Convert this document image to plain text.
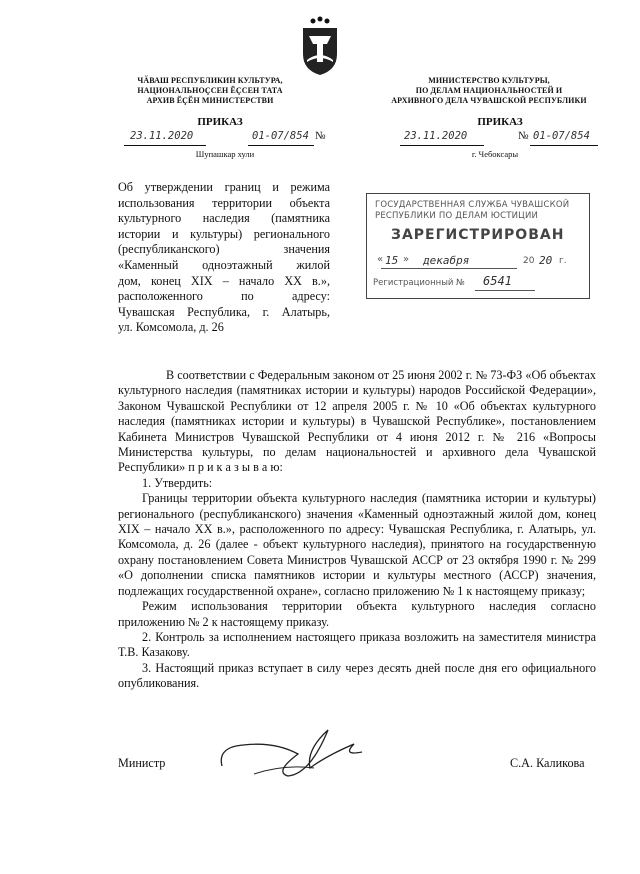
ЧӐВАШ РЕСПУБЛИКИН КУЛЬТУРА,
НАЦИОНАЛЬНОҪСЕН ӖҪСЕН ТАТА
АРХИВ ӖҪӖН МИНИСТЕРСТВИ
МИНИСТЕРСТВО КУЛЬТУРЫ,
ПО ДЕЛАМ НАЦИОНАЛЬНОСТЕЙ И
АРХИВНОГО ДЕЛА ЧУВАШСКОЙ РЕСПУБЛИКИ
ПРИКАЗ
23.11.2020	01-07/854 №
Шупашкар хули
ПРИКАЗ
23.11.2020	№ 01-07/854
г. Чебоксары
Об утверждении границ и режима
использования территории объекта
культурного наследия (памятника
истории и культуры) регионального
(республиканского) значения
«Каменный одноэтажный жилой
дом, конец XIX – начало XX в.»,
расположенного по адресу:
Чувашская Республика, г. Алатырь,
ул. Комсомола, д. 26
ГОСУДАРСТВЕННАЯ СЛУЖБА ЧУВАШСКОЙ
РЕСПУБЛИКИ ПО ДЕЛАМ ЮСТИЦИИ
ЗАРЕГИСТРИРОВАН
« 15 » декабря	20 20 г.
Регистрационный № 6541
В соответствии с Федеральным законом от 25 июня 2002 г. № 73-ФЗ «Об объектах культурного наследия (памятниках истории и культуры) народов Российской Федерации», Законом Чувашской Республики от 12 апреля 2005 г. № 10 «Об объектах культурного наследия (памятниках истории и культуры) в Чувашской Республике», постановлением Кабинета Министров Чувашской Республики от 4 июня 2012 г. № 216 «Вопросы Министерства культуры, по делам национальностей и архивного дела Чувашской Республики» п р и к а з ы в а ю:
1. Утвердить:
Границы территории объекта культурного наследия (памятника истории и культуры) регионального (республиканского) значения «Каменный одноэтажный жилой дом, конец XIX – начало XX в.», расположенного по адресу: Чувашская Республика, г. Алатырь, ул. Комсомола, д. 26 (далее - объект культурного наследия), принятого на государственную охрану постановлением Совета Министров Чувашской АССР от 23 октября 1990 г. № 299 «О дополнении списка памятников истории и культуры местного (АССР) значения, подлежащих государственной охране», согласно приложению № 1 к настоящему приказу;
Режим использования территории объекта культурного наследия согласно приложению № 2 к настоящему приказу.
2. Контроль за исполнением настоящего приказа возложить на заместителя министра Т.В. Казакову.
3. Настоящий приказ вступает в силу через десять дней после дня его официального опубликования.
Министр	С.А. Каликова
